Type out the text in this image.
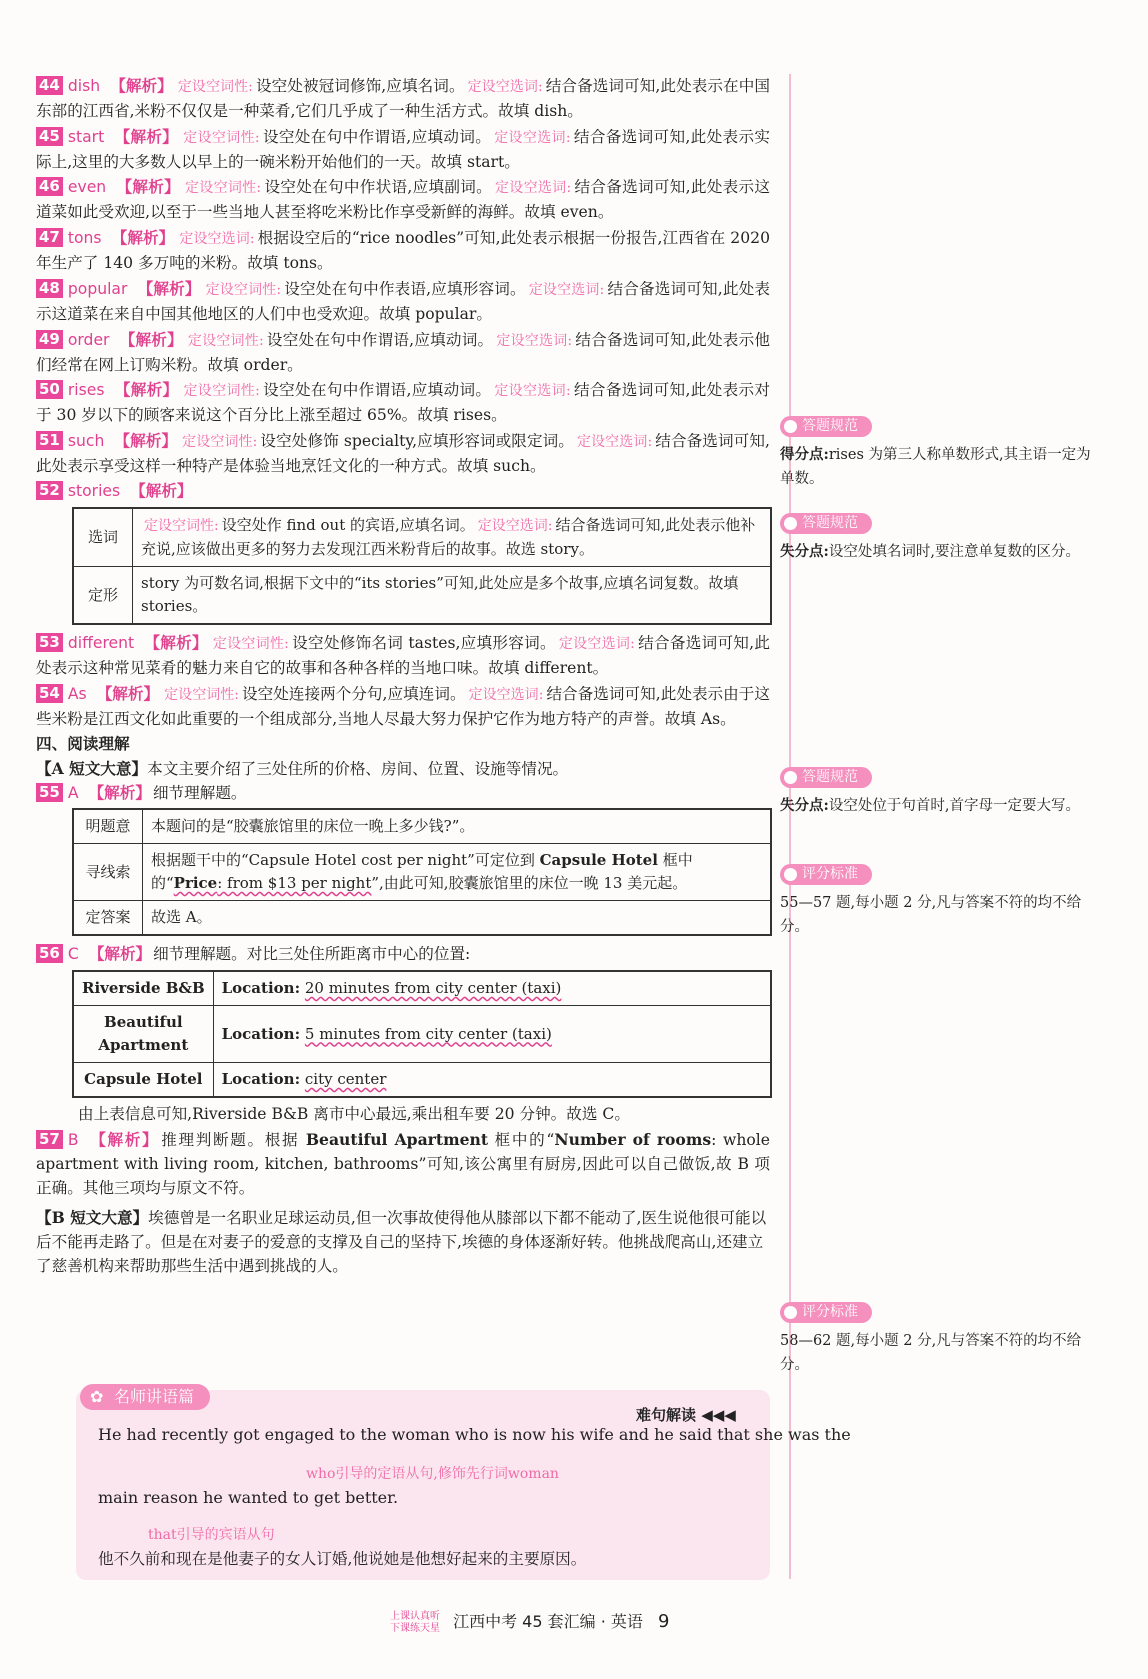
44 dish 【解析】 定设空词性: 设空处被冠词修饰,应填名词。 定设空选词: 结合备选词可知,此处表示在中国东部的江西省,米粉不仅仅是一种菜肴,它们几乎成了一种生活方式。故填 dish。
45 start 【解析】 定设空词性: 设空处在句中作谓语,应填动词。 定设空选词: 结合备选词可知,此处表示实际上,这里的大多数人以早上的一碗米粉开始他们的一天。故填 start。
46 even 【解析】 定设空词性: 设空处在句中作状语,应填副词。 定设空选词: 结合备选词可知,此处表示这道菜如此受欢迎,以至于一些当地人甚至将吃米粉比作享受新鲜的海鲜。故填 even。
47 tons 【解析】 定设空选词: 根据设空后的“rice noodles”可知,此处表示根据一份报告,江西省在 2020 年生产了 140 多万吨的米粉。故填 tons。
48 popular 【解析】 定设空词性: 设空处在句中作表语,应填形容词。 定设空选词: 结合备选词可知,此处表示这道菜在来自中国其他地区的人们中也受欢迎。故填 popular。
49 order 【解析】 定设空词性: 设空处在句中作谓语,应填动词。 定设空选词: 结合备选词可知,此处表示他们经常在网上订购米粉。故填 order。
50 rises 【解析】 定设空词性: 设空处在句中作谓语,应填动词。 定设空选词: 结合备选词可知,此处表示对于 30 岁以下的顾客来说这个百分比上涨至超过 65%。故填 rises。
51 such 【解析】 定设空词性: 设空处修饰 specialty,应填形容词或限定词。 定设空选词: 结合备选词可知,此处表示享受这样一种特产是体验当地烹饪文化的一种方式。故填 such。
52 stories 【解析】
选词	定设空词性: 设空处作 find out 的宾语,应填名词。 定设空选词: 结合备选词可知,此处表示他补充说,应该做出更多的努力去发现江西米粉背后的故事。故选 story。
定形	story 为可数名词,根据下文中的“its stories”可知,此处应是多个故事,应填名词复数。故填 stories。
53 different 【解析】 定设空词性: 设空处修饰名词 tastes,应填形容词。 定设空选词: 结合备选词可知,此处表示这种常见菜肴的魅力来自它的故事和各种各样的当地口味。故填 different。
54 As 【解析】 定设空词性: 设空处连接两个分句,应填连词。 定设空选词: 结合备选词可知,此处表示由于这些米粉是江西文化如此重要的一个组成部分,当地人尽最大努力保护它作为地方特产的声誉。故填 As。
四、阅读理解

【A 短文大意】本文主要介绍了三处住所的价格、房间、位置、设施等情况。

55 A 【解析】 细节理解题。
明题意	本题问的是“胶囊旅馆里的床位一晚上多少钱?”。
寻线索	根据题干中的“Capsule Hotel cost per night”可定位到 Capsule Hotel 框中的“Price: from $13 per night”,由此可知,胶囊旅馆里的床位一晚 13 美元起。
定答案	故选 A。
56 C 【解析】 细节理解题。对比三处住所距离市中心的位置:
Riverside B&B	Location: 20 minutes from city center (taxi)
Beautiful Apartment	Location: 5 minutes from city center (taxi)
Capsule Hotel	Location: city center

由上表信息可知,Riverside B&B 离市中心最远,乘出租车要 20 分钟。故选 C。

57 B 【解析】 推理判断题。根据 Beautiful Apartment 框中的“Number of rooms: whole apartment with living room, kitchen, bathrooms”可知,该公寓里有厨房,因此可以自己做饭,故 B 项正确。其他三项均与原文不符。

【B 短文大意】埃德曾是一名职业足球运动员,但一次事故使得他从膝部以下都不能动了,医生说他很可能以后不能再走路了。但是在对妻子的爱意的支撑及自己的坚持下,埃德的身体逐渐好转。他挑战爬高山,还建立了慈善机构来帮助那些生活中遇到挑战的人。

✿ 名师讲语篇
难句解读 ◀◀◀
He had recently got engaged to the woman who is now his wife and he said that she was the
who引导的定语从句,修饰先行词woman
main reason he wanted to get better.
that引导的宾语从句
他不久前和现在是他妻子的女人订婚,他说她是他想好起来的主要原因。
答题规范

得分点:rises 为第三人称单数形式,其主语一定为单数。

答题规范

失分点:设空处填名词时,要注意单复数的区分。

答题规范

失分点:设空处位于句首时,首字母一定要大写。

评分标准

55—57 题,每小题 2 分,凡与答案不符的均不给分。

评分标准

58—62 题,每小题 2 分,凡与答案不符的均不给分。

上课认真听
下课练天星 江西中考 45 套汇编 · 英语 9
